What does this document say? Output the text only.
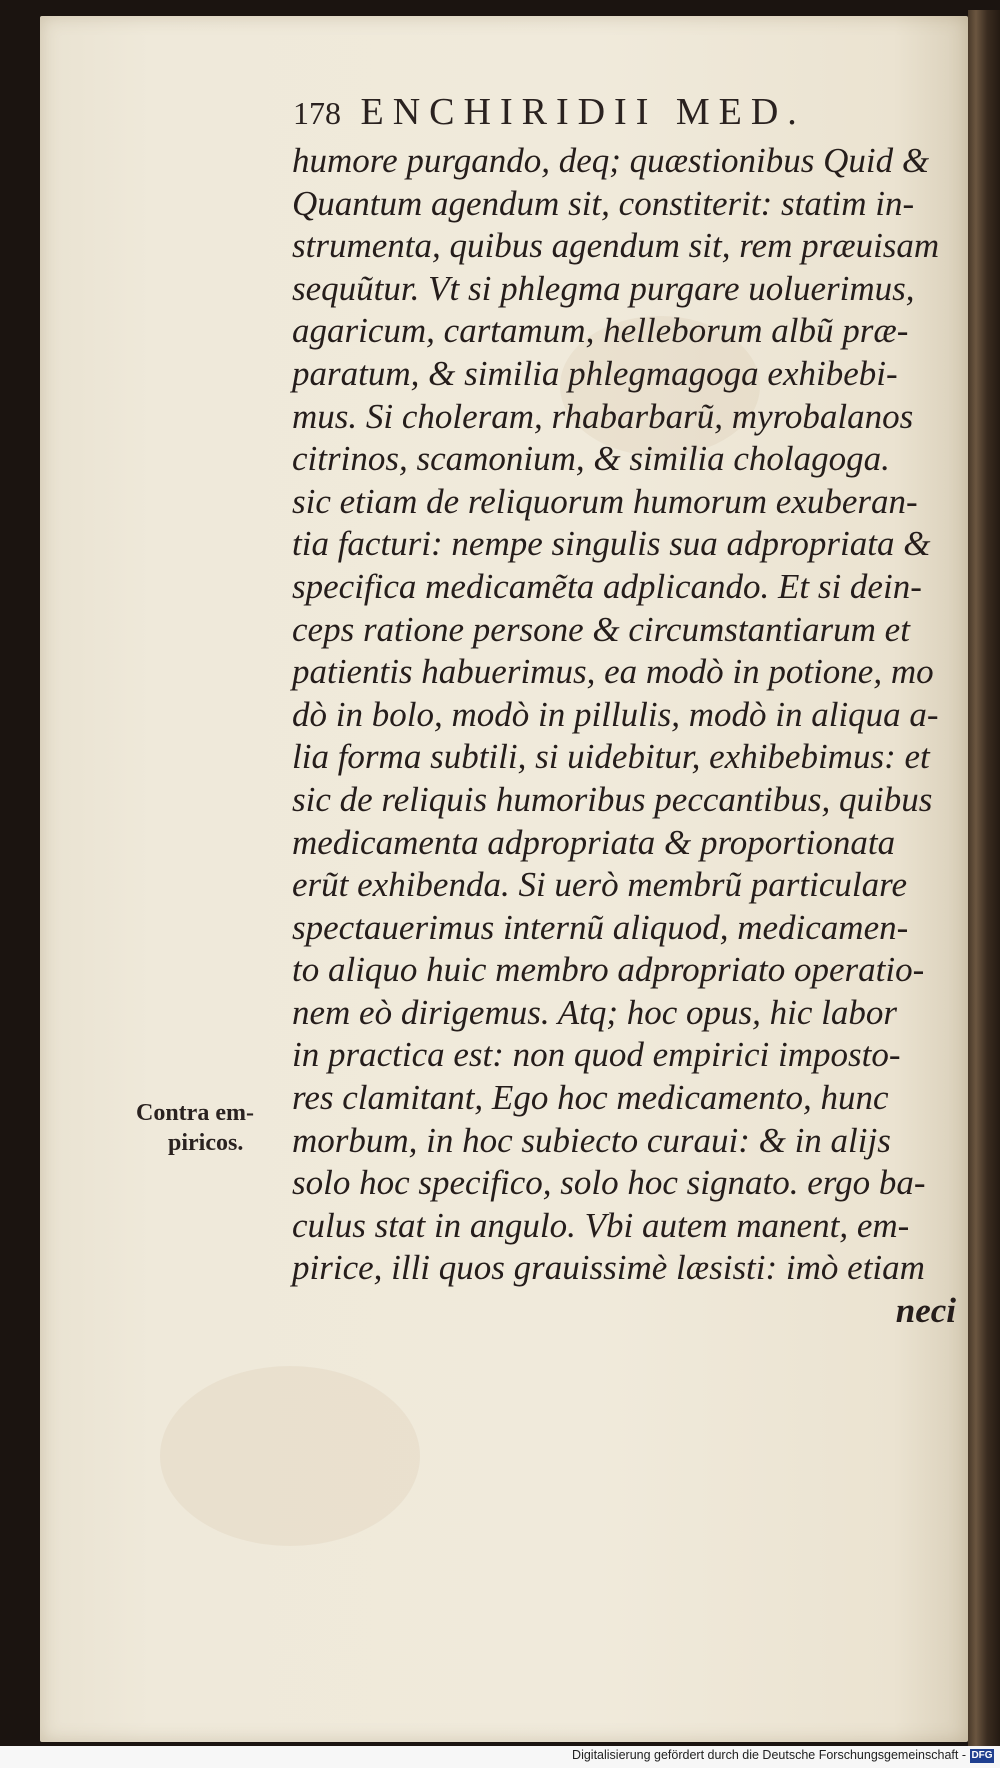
178 ENCHIRIDII MED.
Contra em-
piricos.
humore purgando, deq; quæstionibus Quid &
Quantum agendum sit, constiterit: statim in-
strumenta, quibus agendum sit, rem præuisam
sequũtur. Vt si phlegma purgare uoluerimus,
agaricum, cartamum, helleborum albũ præ-
paratum, & similia phlegmagoga exhibebi-
mus. Si choleram, rhabarbarũ, myrobalanos
citrinos, scamonium, & similia cholagoga.
sic etiam de reliquorum humorum exuberan-
tia facturi: nempe singulis sua adpropriata &
specifica medicamẽta adplicando. Et si dein-
ceps ratione persone & circumstantiarum et
patientis habuerimus, ea modò in potione, mo
dò in bolo, modò in pillulis, modò in aliqua a-
lia forma subtili, si uidebitur, exhibebimus: et
sic de reliquis humoribus peccantibus, quibus
medicamenta adpropriata & proportionata
erũt exhibenda. Si uerò membrũ particulare
spectauerimus internũ aliquod, medicamen-
to aliquo huic membro adpropriato operatio-
nem eò dirigemus. Atq; hoc opus, hic labor
in practica est: non quod empirici imposto-
res clamitant, Ego hoc medicamento, hunc
morbum, in hoc subiecto curaui: & in alijs
solo hoc specifico, solo hoc signato. ergo ba-
culus stat in angulo. Vbi autem manent, em-
pirice, illi quos grauissimè læsisti: imò etiam
neci
Digitalisierung gefördert durch die Deutsche Forschungsgemeinschaft - DFG
